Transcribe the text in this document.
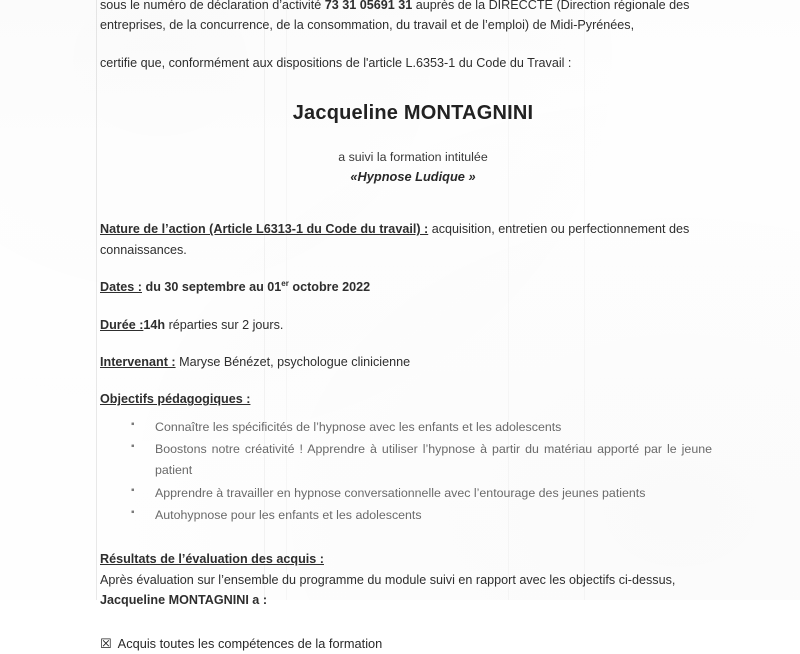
sous le numéro de déclaration d’activité 73 31 05691 31 auprès de la DIRECCTE (Direction régionale des entreprises, de la concurrence, de la consommation, du travail et de l’emploi) de Midi-Pyrénées,

certifie que, conformément aux dispositions de l'article L.6353-1 du Code du Travail :

Jacqueline MONTAGNINI

a suivi la formation intitulée

«Hypnose Ludique »

Nature de l’action (Article L6313-1 du Code du travail) : acquisition, entretien ou perfectionnement des connaissances.

Dates : du 30 septembre au 01er octobre 2022

Durée :14h réparties sur 2 jours.

Intervenant : Maryse Bénézet, psychologue clinicienne

Objectifs pédagogiques :

▪ Connaître les spécificités de l’hypnose avec les enfants et les adolescents
▪ Boostons notre créativité ! Apprendre à utiliser l’hypnose à partir du matériau apporté par le jeune patient
▪ Apprendre à travailler en hypnose conversationnelle avec l’entourage des jeunes patients
▪ Autohypnose pour les enfants et les adolescents

Résultats de l’évaluation des acquis :

Après évaluation sur l’ensemble du programme du module suivi en rapport avec les objectifs ci-dessus, Jacqueline MONTAGNINI a :

☒ Acquis toutes les compétences de la formation
